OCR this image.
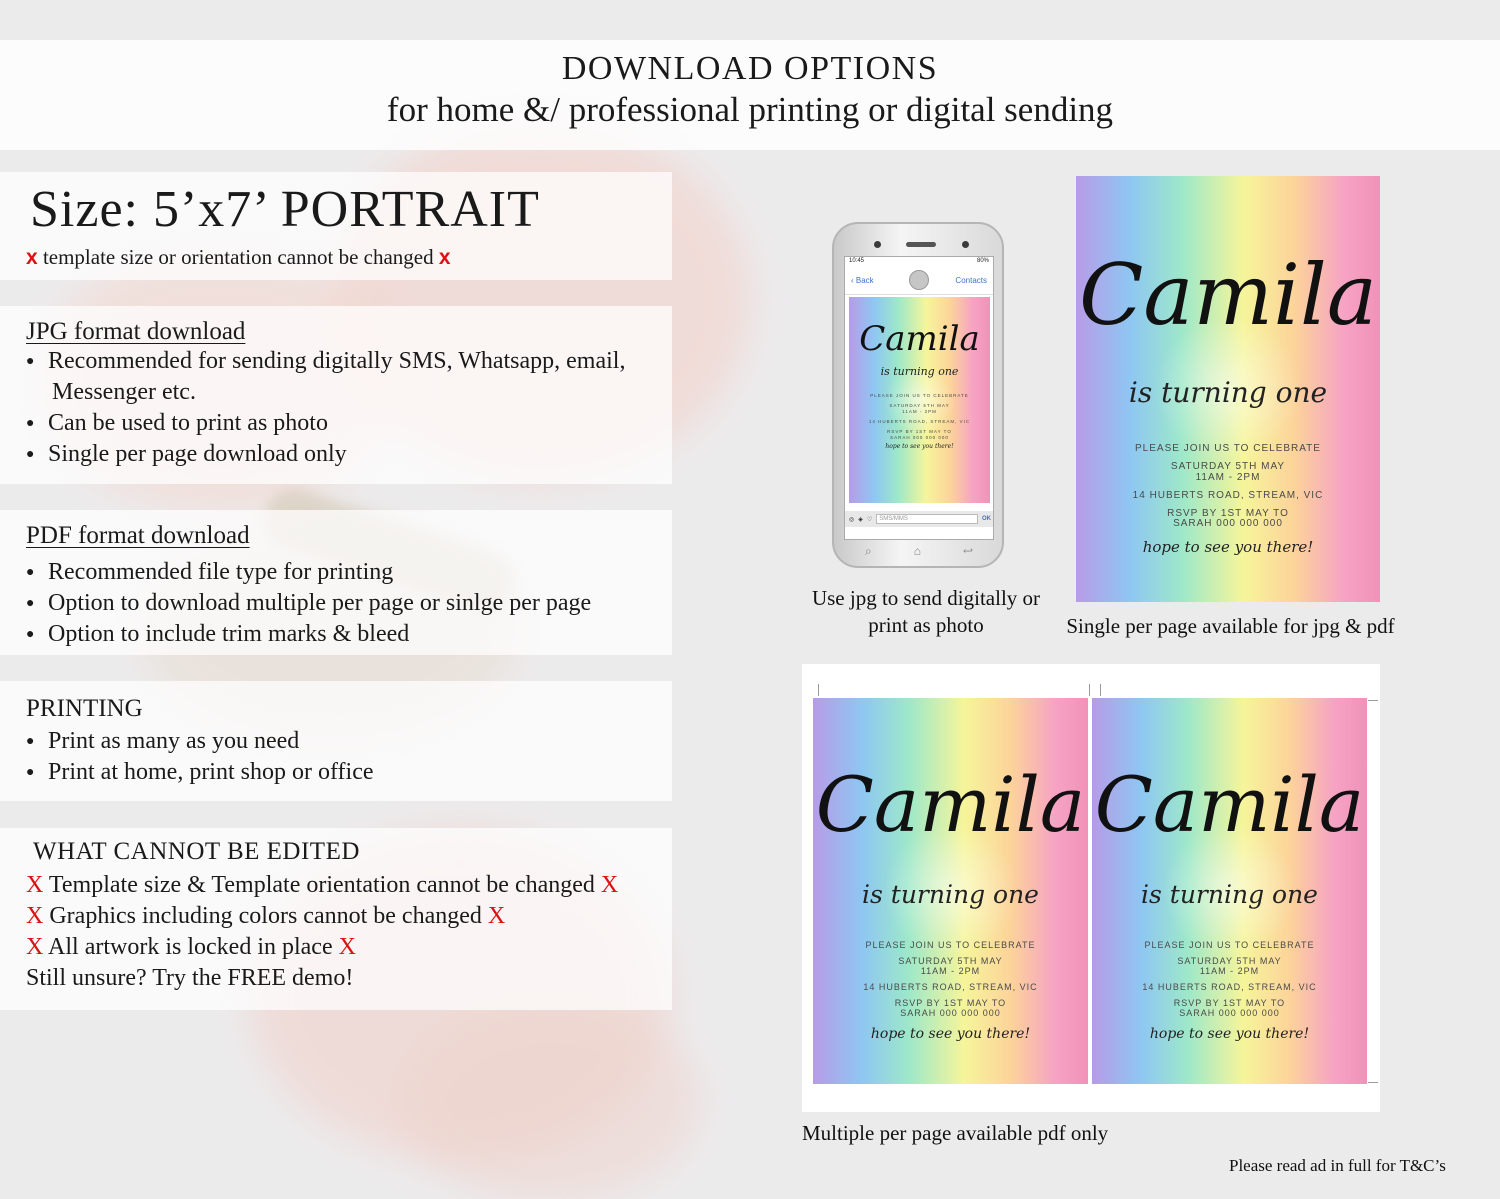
DOWNLOAD OPTIONS
for home &/ professional printing or digital sending
Size: 5’x7’ PORTRAIT
x template size or orientation cannot be changed x
JPG format download
● Recommended for sending digitally SMS, Whatsapp, email,
Messenger etc.
● Can be used to print as photo
● Single per page download only
PDF format download
● Recommended file type for printing
● Option to download multiple per page or sinlge per page
● Option to include trim marks & bleed
PRINTING
● Print as many as you need
● Print at home, print shop or office
WHAT CANNOT BE EDITED
X Template size & Template orientation cannot be changed X
X Graphics including colors cannot be changed X
X All artwork is locked in place X
Still unsure? Try the FREE demo!
10:45	80%
‹ Back	Contacts
Camila
is turning one
PLEASE JOIN US TO CELEBRATE
SATURDAY 5TH MAY
11AM - 2PM
14 HUBERTS ROAD, STREAM, VIC
RSVP BY 1ST MAY TO
SARAH 000 000 000
hope to see you there!
◎ ◈ ♡	SMS/MMS	OK
⌕	⌂	↩
Use jpg to send digitally or print as photo
Camila
is turning one
PLEASE JOIN US TO CELEBRATE
SATURDAY 5TH MAY
11AM - 2PM
14 HUBERTS ROAD, STREAM, VIC
RSVP BY 1ST MAY TO
SARAH 000 000 000
hope to see you there!
Single per page available for jpg & pdf
Camila
is turning one
PLEASE JOIN US TO CELEBRATE
SATURDAY 5TH MAY
11AM - 2PM
14 HUBERTS ROAD, STREAM, VIC
RSVP BY 1ST MAY TO
SARAH 000 000 000
hope to see you there!
Camila
is turning one
PLEASE JOIN US TO CELEBRATE
SATURDAY 5TH MAY
11AM - 2PM
14 HUBERTS ROAD, STREAM, VIC
RSVP BY 1ST MAY TO
SARAH 000 000 000
hope to see you there!
Multiple per page available pdf only
Please read ad in full for T&C’s
